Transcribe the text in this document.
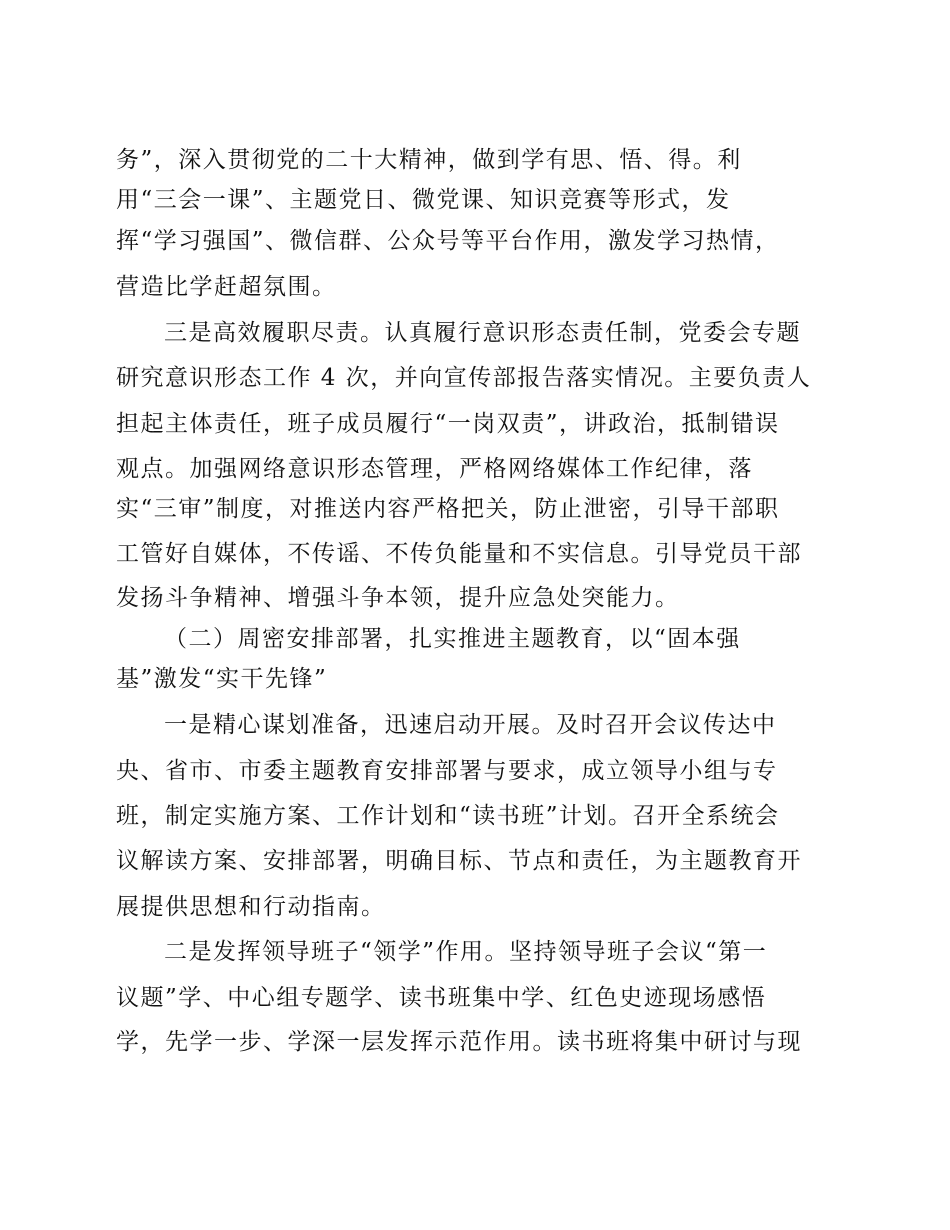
务”，深入贯彻党的二十大精神，做到学有思、悟、得。利
用“三会一课”、主题党日、微党课、知识竞赛等形式，发
挥“学习强国”、微信群、公众号等平台作用，激发学习热情，
营造比学赶超氛围。
三是高效履职尽责。认真履行意识形态责任制，党委会专题
研究意识形态工作 4 次，并向宣传部报告落实情况。主要负责人
担起主体责任，班子成员履行“一岗双责”，讲政治，抵制错误
观点。加强网络意识形态管理，严格网络媒体工作纪律，落
实“三审”制度，对推送内容严格把关，防止泄密，引导干部职
工管好自媒体，不传谣、不传负能量和不实信息。引导党员干部
发扬斗争精神、增强斗争本领，提升应急处突能力。
（二）周密安排部署，扎实推进主题教育，以“固本强
基”激发“实干先锋”
一是精心谋划准备，迅速启动开展。及时召开会议传达中
央、省市、市委主题教育安排部署与要求，成立领导小组与专
班，制定实施方案、工作计划和“读书班”计划。召开全系统会
议解读方案、安排部署，明确目标、节点和责任，为主题教育开
展提供思想和行动指南。
二是发挥领导班子“领学”作用。坚持领导班子会议“第一
议题”学、中心组专题学、读书班集中学、红色史迹现场感悟
学，先学一步、学深一层发挥示范作用。读书班将集中研讨与现
